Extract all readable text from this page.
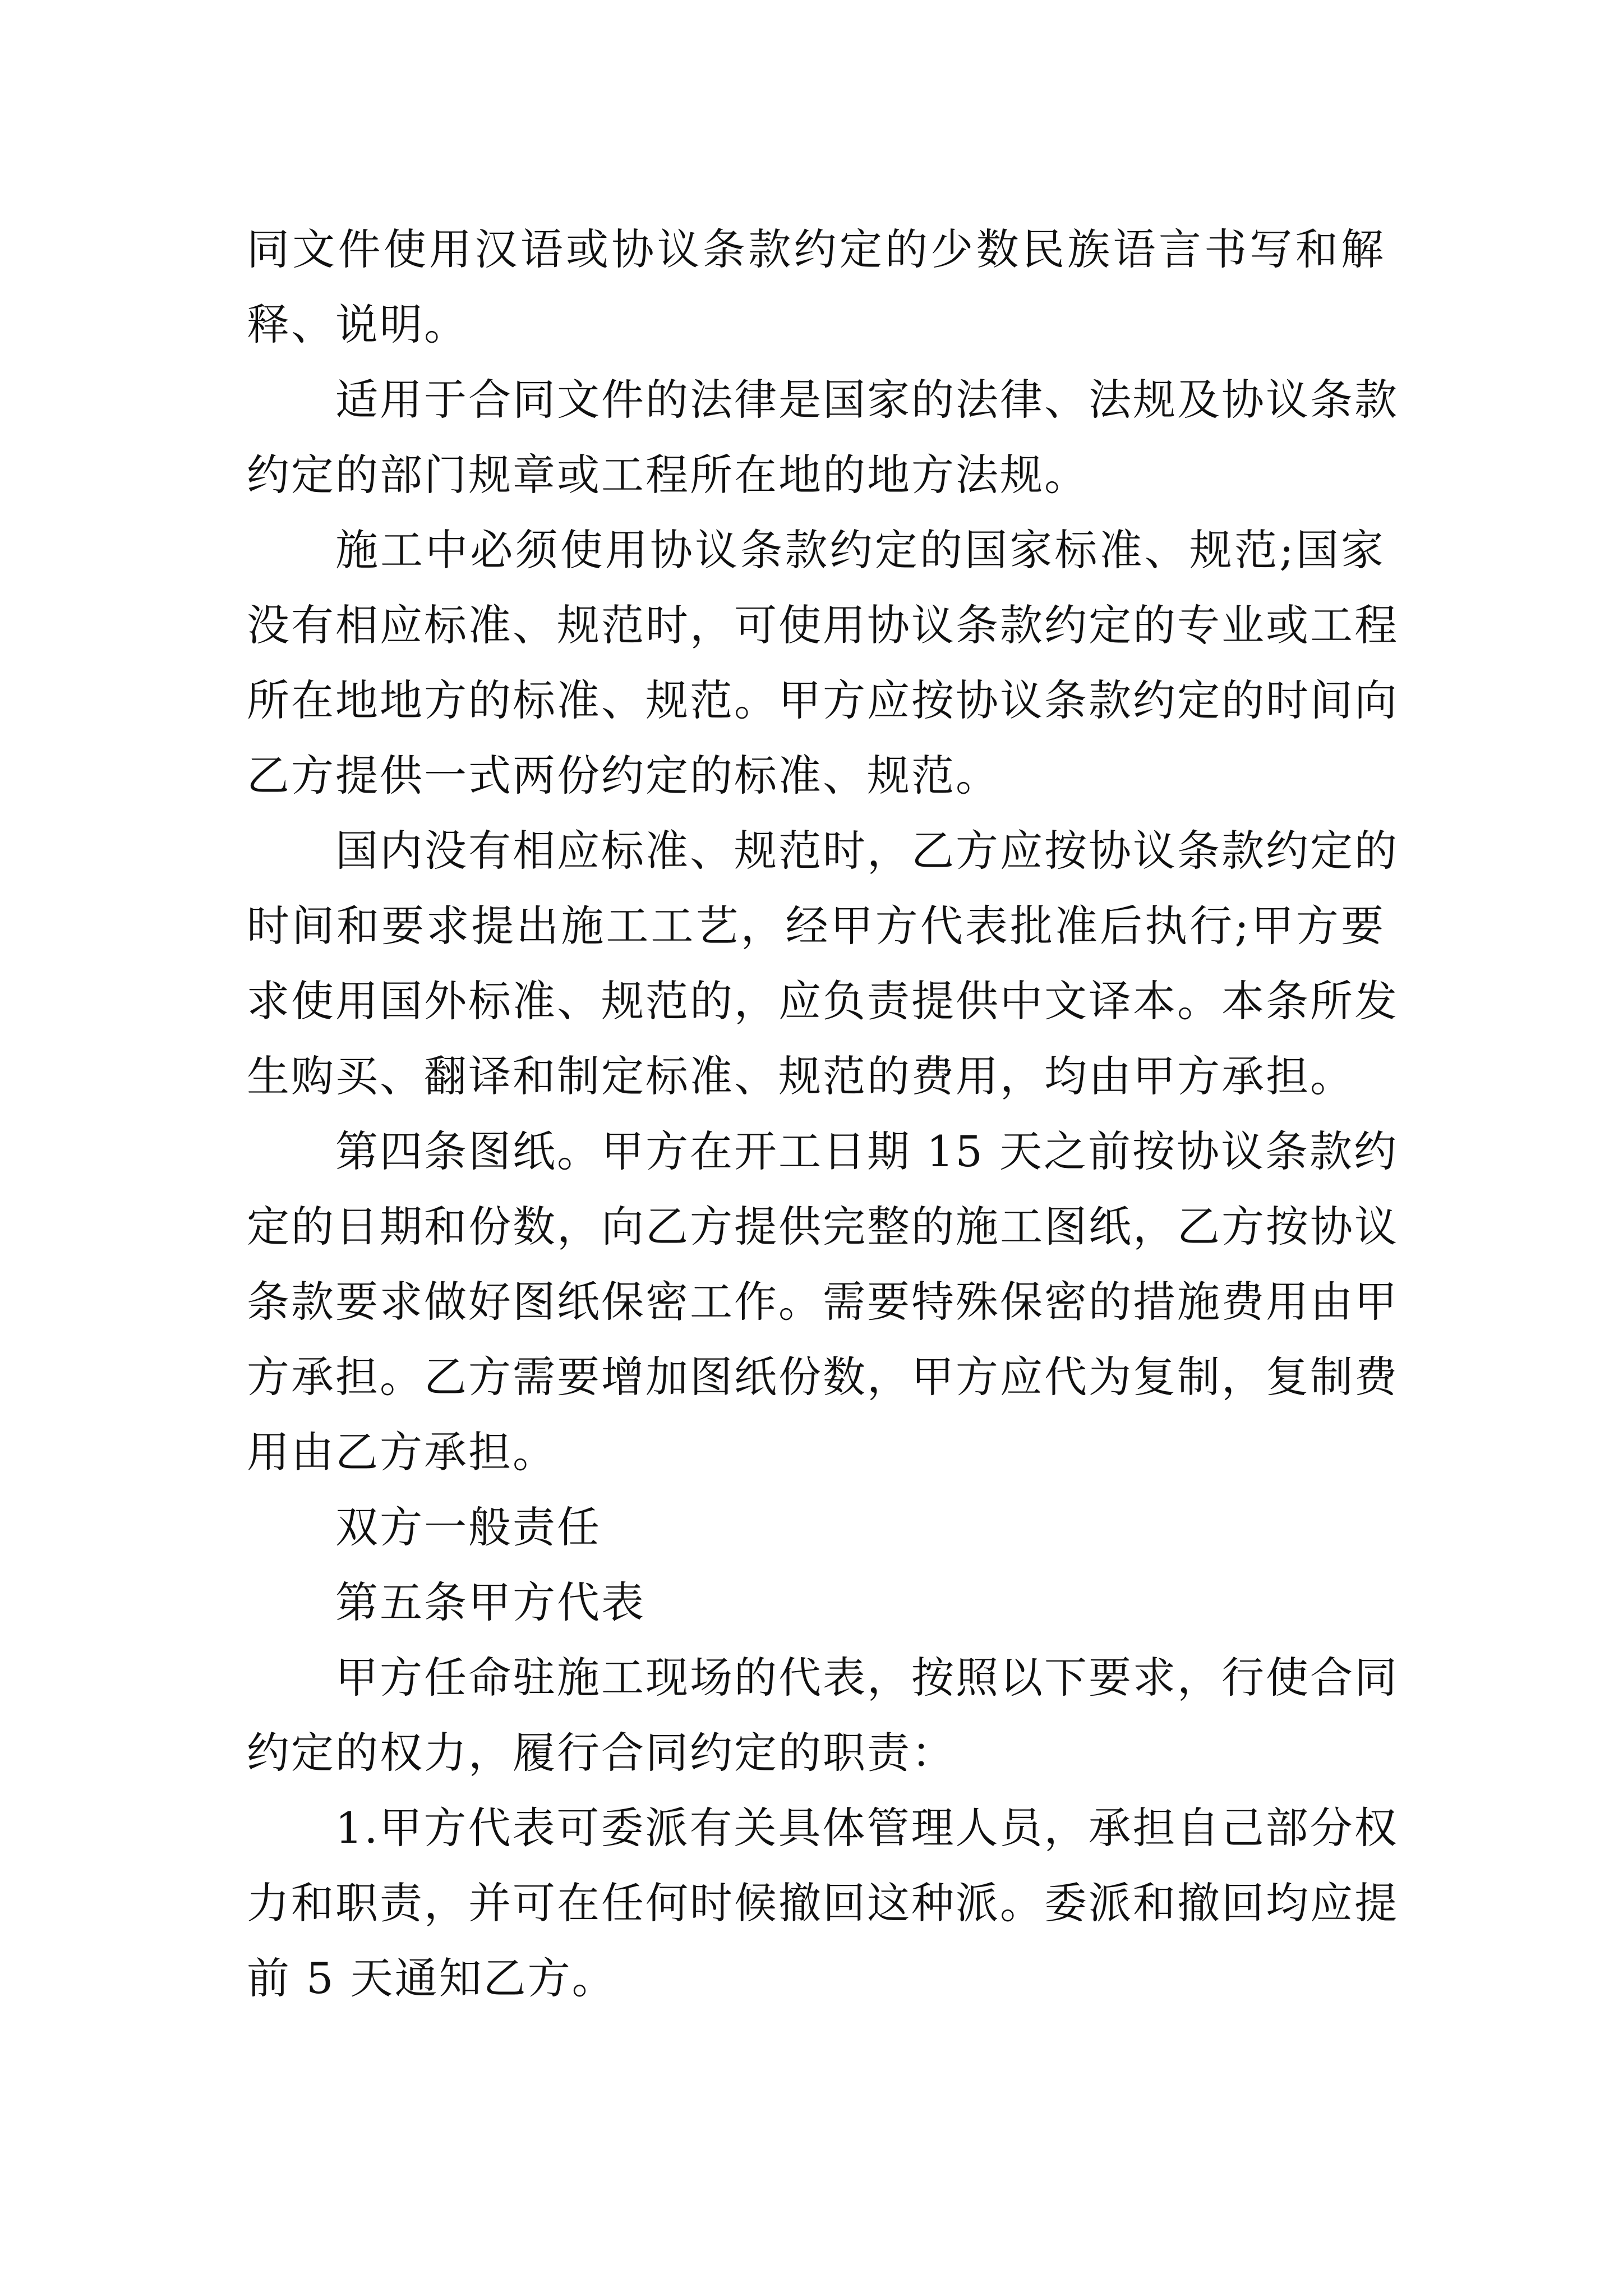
同文件使用汉语或协议条款约定的少数民族语言书写和解
释、说明。
适用于合同文件的法律是国家的法律、法规及协议条款
约定的部门规章或工程所在地的地方法规。
施工中必须使用协议条款约定的国家标准、规范;国家
没有相应标准、规范时，可使用协议条款约定的专业或工程
所在地地方的标准、规范。甲方应按协议条款约定的时间向
乙方提供一式两份约定的标准、规范。
国内没有相应标准、规范时，乙方应按协议条款约定的
时间和要求提出施工工艺，经甲方代表批准后执行;甲方要
求使用国外标准、规范的，应负责提供中文译本。本条所发
生购买、翻译和制定标准、规范的费用，均由甲方承担。
第四条图纸。甲方在开工日期 15 天之前按协议条款约
定的日期和份数，向乙方提供完整的施工图纸，乙方按协议
条款要求做好图纸保密工作。需要特殊保密的措施费用由甲
方承担。乙方需要增加图纸份数，甲方应代为复制，复制费
用由乙方承担。
双方一般责任
第五条甲方代表
甲方任命驻施工现场的代表，按照以下要求，行使合同
约定的权力，履行合同约定的职责：
1.甲方代表可委派有关具体管理人员，承担自己部分权
力和职责，并可在任何时候撤回这种派。委派和撤回均应提
前 5 天通知乙方。
